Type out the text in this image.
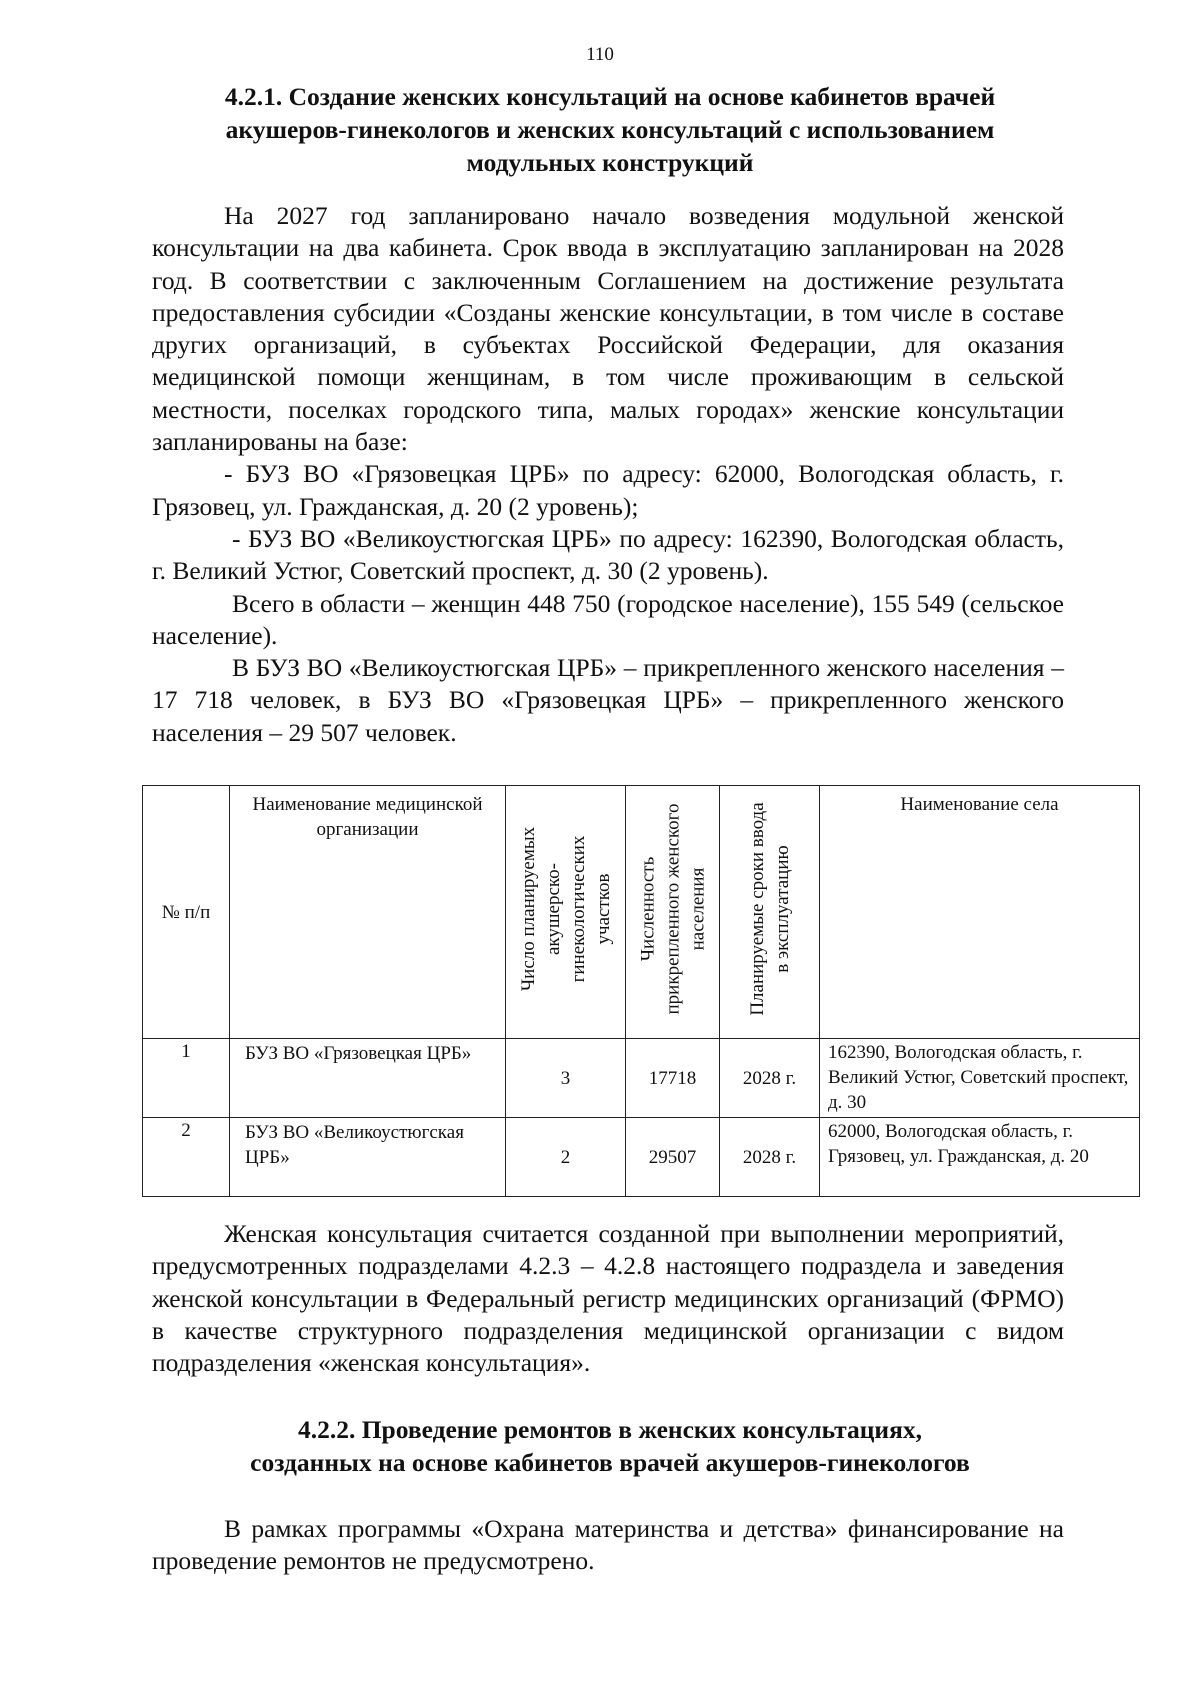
110
4.2.1. Создание женских консультаций на основе кабинетов врачей
акушеров-гинекологов и женских консультаций с использованием
модульных конструкций

На 2027 год запланировано начало возведения модульной женской консультации на два кабинета. Срок ввода в эксплуатацию запланирован на 2028 год. В соответствии с заключенным Соглашением на достижение результата предоставления субсидии «Созданы женские консультации, в том числе в составе других организаций, в субъектах Российской Федерации, для оказания медицинской помощи женщинам, в том числе проживающим в сельской местности, поселках городского типа, малых городах» женские консультации запланированы на базе:

- БУЗ ВО «Грязовецкая ЦРБ» по адресу: 62000, Вологодская область, г. Грязовец, ул. Гражданская, д. 20 (2 уровень);

- БУЗ ВО «Великоустюгская ЦРБ» по адресу: 162390, Вологодская область, г. Великий Устюг, Советский проспект, д. 30 (2 уровень).

Всего в области – женщин 448 750 (городское население), 155 549 (сельское население).

В БУЗ ВО «Великоустюгская ЦРБ» – прикрепленного женского населения – 17 718 человек, в БУЗ ВО «Грязовецкая ЦРБ» – прикрепленного женского населения – 29 507 человек.

№ п/п	Наименование медицинской организации	Число планируемых акушерско-гинекологических участков	Численность прикрепленного женского населения	Планируемые сроки ввода в эксплуатацию	Наименование села
1	БУЗ ВО «Грязовецкая ЦРБ»	3	17718	2028 г.	162390, Вологодская область, г. Великий Устюг, Советский проспект, д. 30
2	БУЗ ВО «Великоустюгская ЦРБ»	2	29507	2028 г.	62000, Вологодская область, г. Грязовец, ул. Гражданская, д. 20

Женская консультация считается созданной при выполнении мероприятий, предусмотренных подразделами 4.2.3 – 4.2.8 настоящего подраздела и заведения женской консультации в Федеральный регистр медицинских организаций (ФРМО) в качестве структурного подразделения медицинской организации с видом подразделения «женская консультация».

4.2.2. Проведение ремонтов в женских консультациях,
созданных на основе кабинетов врачей акушеров-гинекологов

В рамках программы «Охрана материнства и детства» финансирование на проведение ремонтов не предусмотрено.
